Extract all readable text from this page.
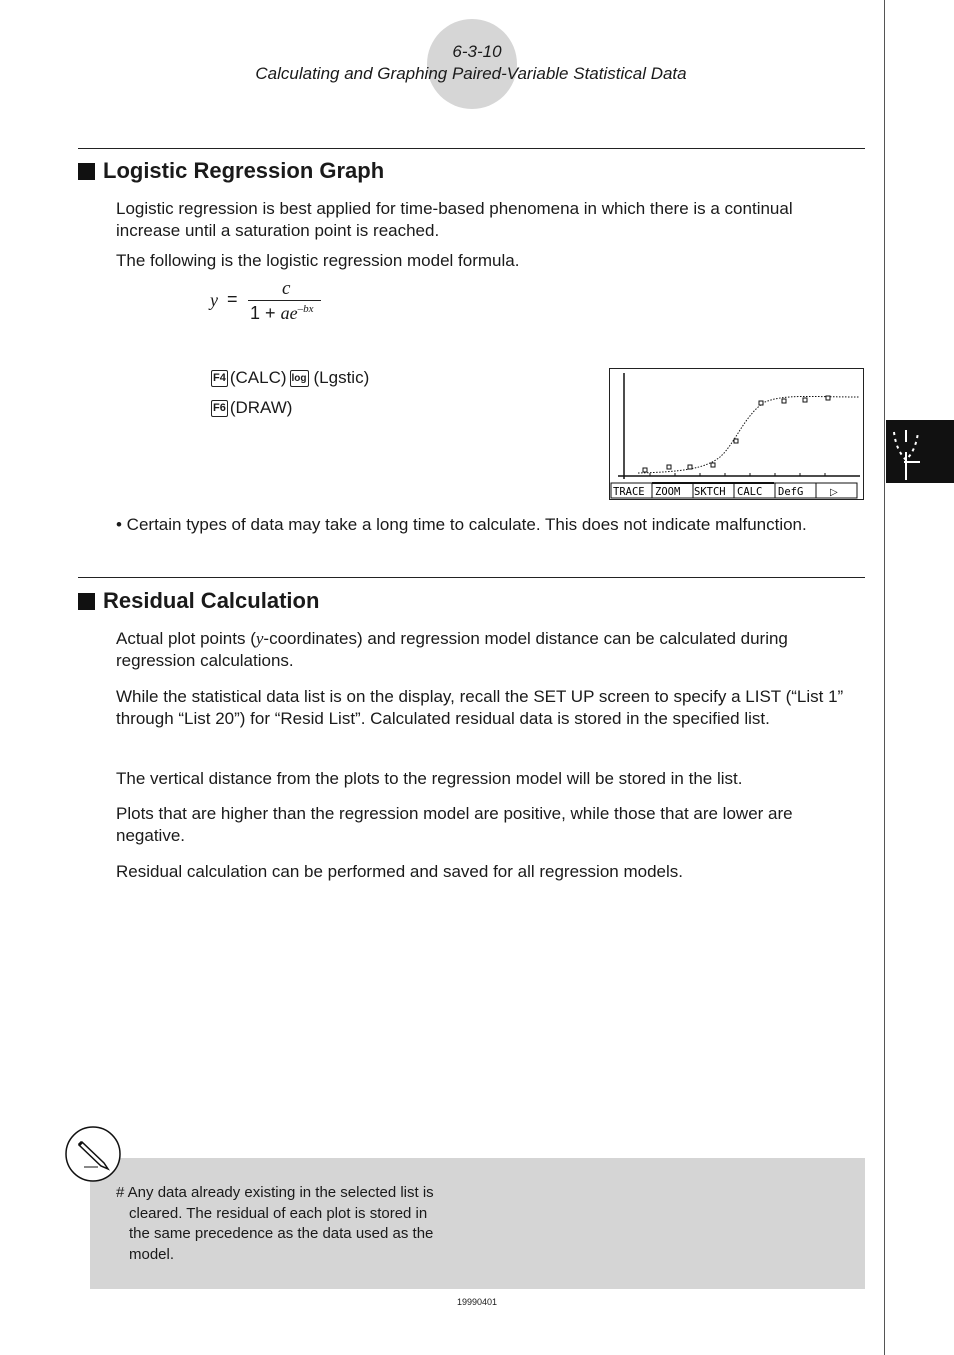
6-3-10
Calculating and Graphing Paired-Variable Statistical Data
Logistic Regression Graph
Logistic regression is best applied for time-based phenomena in which there is a continual increase until a saturation point is reached.
The following is the logistic regression model formula.
y = c
$1 + ae^{-bx}$
F4 (CALC) log (Lgstic)
F6 (DRAW)
TRACE ZOOM SKTCH CALC DefG	▷
• Certain types of data may take a long time to calculate. This does not indicate malfunction.
Residual Calculation
Actual plot points (y-coordinates) and regression model distance can be calculated during regression calculations.
While the statistical data list is on the display, recall the SET UP screen to specify a LIST (“List 1” through “List 20”) for “Resid List”. Calculated residual data is stored in the specified list.
The vertical distance from the plots to the regression model will be stored in the list.
Plots that are higher than the regression model are positive, while those that are lower are negative.
Residual calculation can be performed and saved for all regression models.
# Any data already existing in the selected list is
cleared. The residual of each plot is stored in
the same precedence as the data used as the
model.
19990401
